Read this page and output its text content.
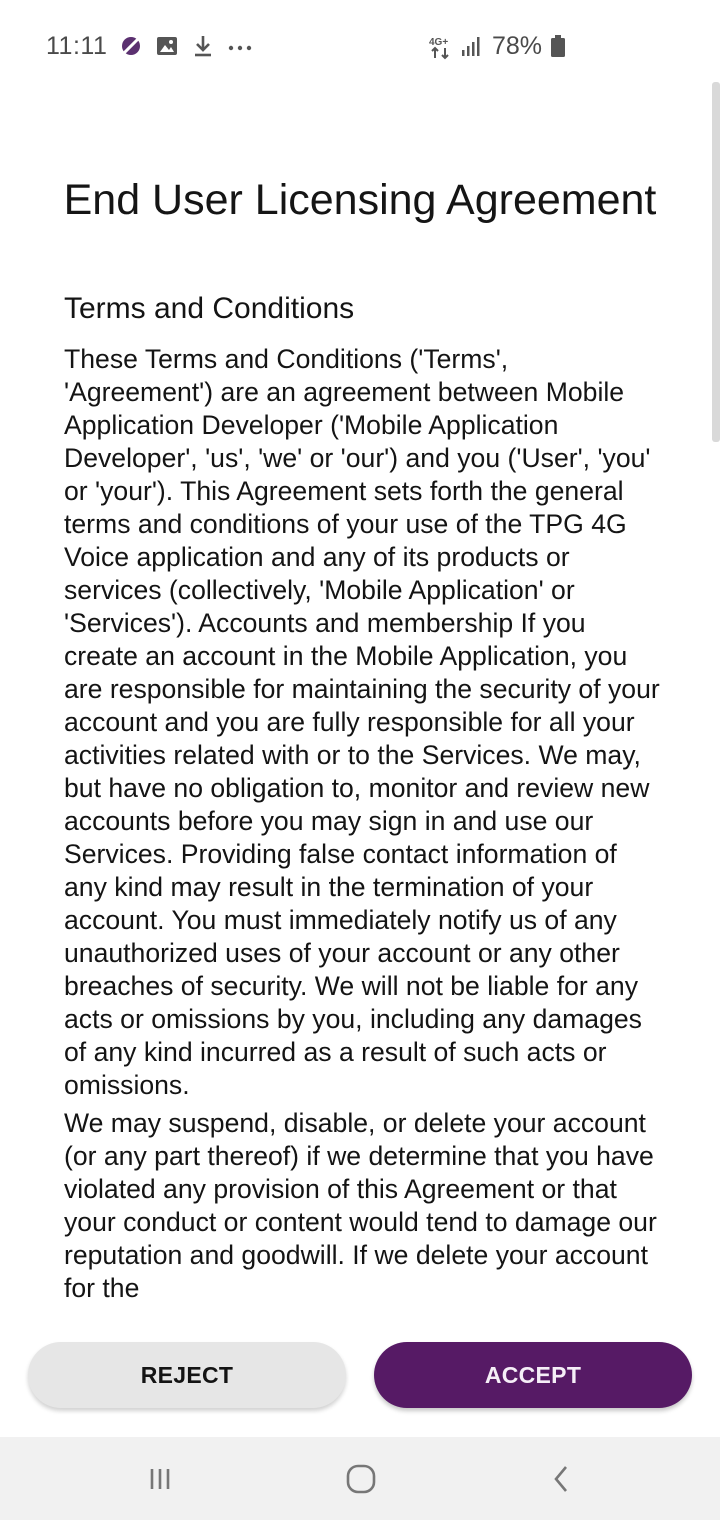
11:11	4G+ 78%
End User Licensing Agreement
Terms and Conditions

These Terms and Conditions ('Terms', 'Agreement') are an agreement between Mobile Application Developer ('Mobile Application Developer', 'us', 'we' or 'our') and you ('User', 'you' or 'your'). This Agreement sets forth the general terms and conditions of your use of the TPG 4G Voice application and any of its products or services (collectively, 'Mobile Application' or 'Services'). Accounts and membership If you create an account in the Mobile Application, you are responsible for maintaining the security of your account and you are fully responsible for all your activities related with or to the Services. We may, but have no obligation to, monitor and review new accounts before you may sign in and use our Services. Providing false contact information of any kind may result in the termination of your account. You must immediately notify us of any unauthorized uses of your account or any other breaches of security. We will not be liable for any acts or omissions by you, including any damages of any kind incurred as a result of such acts or omissions.

We may suspend, disable, or delete your account (or any part thereof) if we determine that you have violated any provision of this Agreement or that your conduct or content would tend to damage our reputation and goodwill. If we delete your account for the

REJECT	ACCEPT
